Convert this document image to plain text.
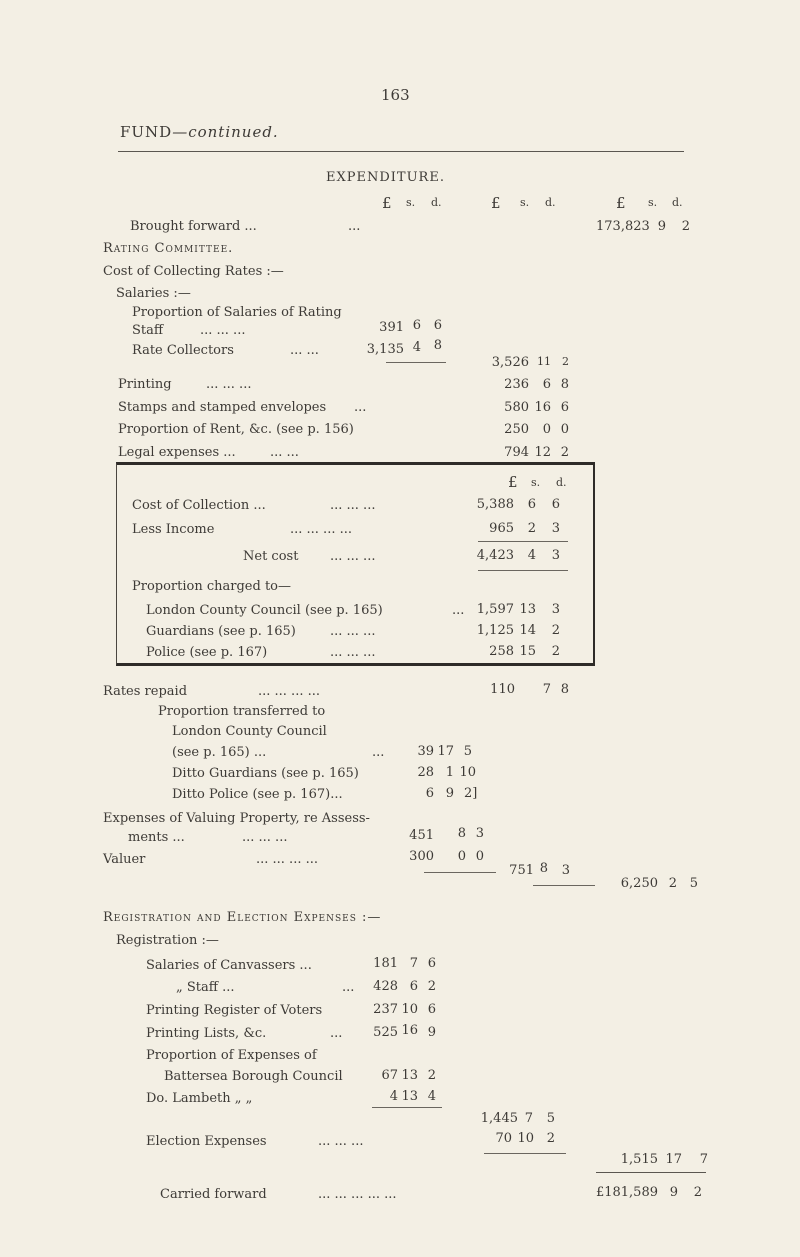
163
FUND—continued.
EXPENDITURE.
£ s. d.	£ s. d.	£ s. d.
Brought forward ...	...	173,823 9	2
Rating Committee.
Cost of Collecting Rates :—
Salaries :—
Proportion of Salaries of Rating
Staff	... ... ...	391 6 6
Rate Collectors	... ...	3,135 4 8
3,526 11	2
Printing	... ... ...	236	6 8
Stamps and stamped envelopes ...	580 16 6
Proportion of Rent, &c. (see p. 156)	250	0 0
Legal expenses ...	... ...	794 12 2
£ s. d.
Cost of Collection ...	... ... ...	5,388	6	6
Less Income	... ... ... ...	965	2	3
Net cost ... ... ...	4,423	4	3
Proportion charged to—
London County Council (see p. 165)	... 1,597 13	3
Guardians (see p. 165)	... ... ...	1,125 14	2
Police (see p. 167)	... ... ...	258 15	2
Rates repaid	... ... ... ...	110	7 8
Proportion transferred to
London County Council
(see p. 165) ...	...	39 17 5
Ditto Guardians (see p. 165)	28 1 10
Ditto Police (see p. 167)...	6 9 2]
Expenses of Valuing Property, re Assess-
ments ...	... ... ...	451	8 3
Valuer	... ... ... ...	300	0 0
751 8	3
6,250 2 5
Registration and Election Expenses :—
Registration :—
Salaries of Canvassers ...	181 7 6
„ Staff ...	...	428 6 2
Printing Register of Voters	237 10 6
Printing Lists, &c.	...	525 16 9
Proportion of Expenses of
Battersea Borough Council	67 13 2
Do. Lambeth „ „	4 13 4
1,445 7	5
Election Expenses	... ... ...	70 10 2
1,515 17	7
Carried forward	... ... ... ... ...	£181,589 9	2
